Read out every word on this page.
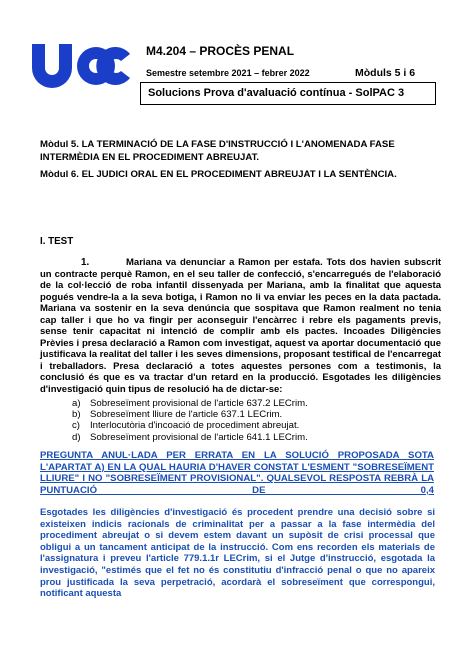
M4.204 – PROCÈS PENAL
Semestre setembre 2021 – febrer 2022	Mòduls 5 i 6
Solucions Prova d'avaluació contínua - SolPAC 3
Mòdul 5. LA TERMINACIÓ DE LA FASE D'INSTRUCCIÓ I L'ANOMENADA FASE INTERMÈDIA EN EL PROCEDIMENT ABREUJAT.
Mòdul 6. EL JUDICI ORAL EN EL PROCEDIMENT ABREUJAT I LA SENTÈNCIA.
I. TEST
1.	Mariana va denunciar a Ramon per estafa. Tots dos havien subscrit un contracte perquè Ramon, en el seu taller de confecció, s'encarregués de l'elaboració de la col·lecció de roba infantil dissenyada per Mariana, amb la finalitat que aquesta pogués vendre-la a la seva botiga, i Ramon no li va enviar les peces en la data pactada. Mariana va sostenir en la seva denúncia que sospitava que Ramon realment no tenia cap taller i que ho va fingir per aconseguir l'encàrrec i rebre els pagaments previs, sense tenir capacitat ni intenció de complir amb els pactes. Incoades Diligències Prèvies i presa declaració a Ramon com investigat, aquest va aportar documentació que justificava la realitat del taller i les seves dimensions, proposant testifical de l'encarregat i treballadors. Presa declaració a totes aquestes persones com a testimonis, la conclusió és que es va tractar d'un retard en la producció. Esgotades les diligències d'investigació quin tipus de resolució ha de dictar-se:
a) Sobreseïment provisional de l'article 637.2 LECrim.
b) Sobreseïment lliure de l'article 637.1 LECrim.
c) Interlocutòria d'incoació de procediment abreujat.
d) Sobreseïment provisional de l'article 641.1 LECrim.
PREGUNTA ANUL·LADA PER ERRATA EN LA SOLUCIÓ PROPOSADA SOTA L'APARTAT A) EN LA QUAL HAURIA D'HAVER CONSTAT L'ESMENT "SOBRESEÏMENT LLIURE" I NO "SOBRESEÏMENT PROVISIONAL". QUALSEVOL RESPOSTA REBRÀ LA PUNTUACIÓ DE 0,4
Esgotades les diligències d'investigació és procedent prendre una decisió sobre si existeixen indicis racionals de criminalitat per a passar a la fase intermèdia del procediment abreujat o si devem estem davant un supòsit de crisi processal que obligui a un tancament anticipat de la instrucció. Com ens recorden els materials de l'assignatura i preveu l'article 779.1.1r LECrim, si el Jutge d'instrucció, esgotada la investigació, "estimés que el fet no és constitutiu d'infracció penal o que no apareix prou justificada la seva perpetració, acordarà el sobreseïment que correspongui, notificant aquesta
